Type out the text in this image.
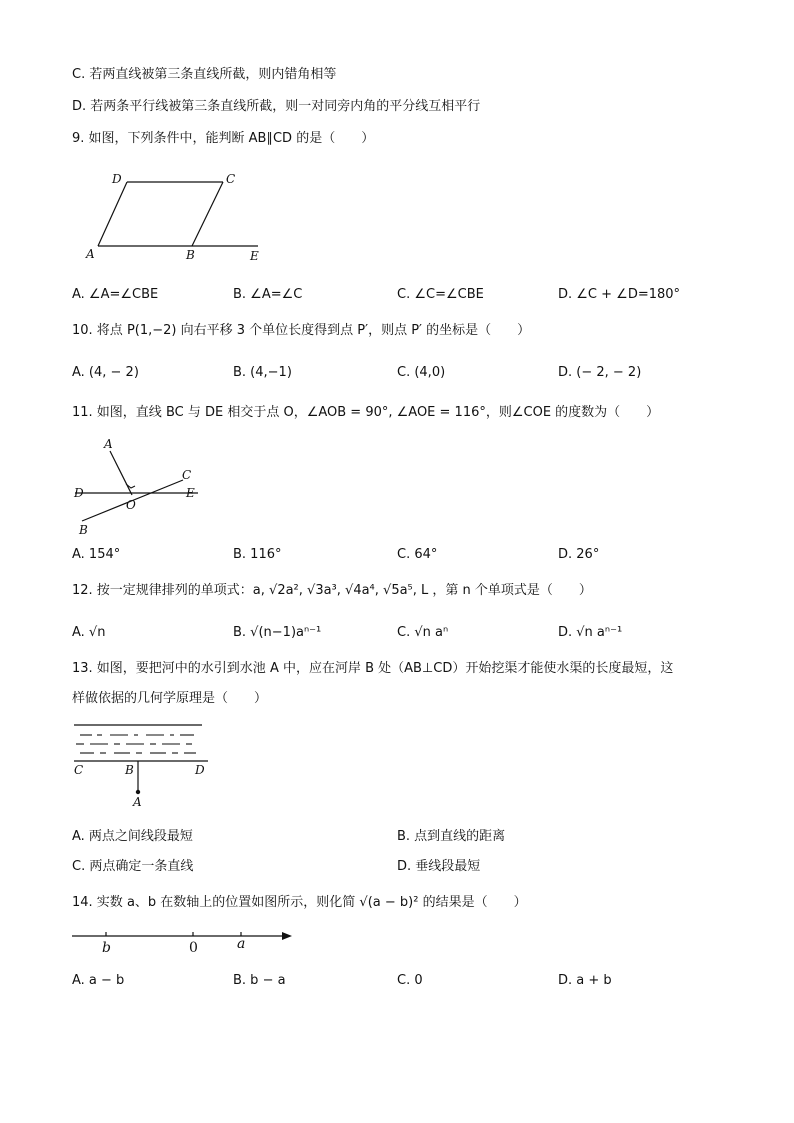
C. 若两直线被第三条直线所截，则内错角相等
D. 若两条平行线被第三条直线所截，则一对同旁内角的平分线互相平行
9. 如图，下列条件中，能判断 AB∥CD 的是（　　）
D	C
A	B	E
A. ∠A=∠CBE	B. ∠A=∠C	C. ∠C=∠CBE	D. ∠C + ∠D=180°
10. 将点 P(1,−2) 向右平移 3 个单位长度得到点 P′，则点 P′ 的坐标是（　　）
A. (4, − 2)	B. (4,−1)	C. (4,0)	D. (− 2, − 2)
11. 如图，直线 BC 与 DE 相交于点 O，∠AOB = 90°, ∠AOE = 116°，则∠COE 的度数为（　　）
A
C
D	E
O
B
A. 154°	B. 116°	C. 64°	D. 26°
12. 按一定规律排列的单项式：a, √2a², √3a³, √4a⁴, √5a⁵, L ，第 n 个单项式是（　　）
A. √n	B. √(n−1)aⁿ⁻¹	C. √n aⁿ	D. √n aⁿ⁻¹
13. 如图，要把河中的水引到水池 A 中，应在河岸 B 处（AB⊥CD）开始挖渠才能使水渠的长度最短，这
样做依据的几何学原理是（　　）
C	B	D
A
A. 两点之间线段最短	B. 点到直线的距离
C. 两点确定一条直线	D. 垂线段最短
14. 实数 a、b 在数轴上的位置如图所示，则化简 √(a − b)² 的结果是（　　）
b	0	a
A. a − b	B. b − a	C. 0	D. a + b
